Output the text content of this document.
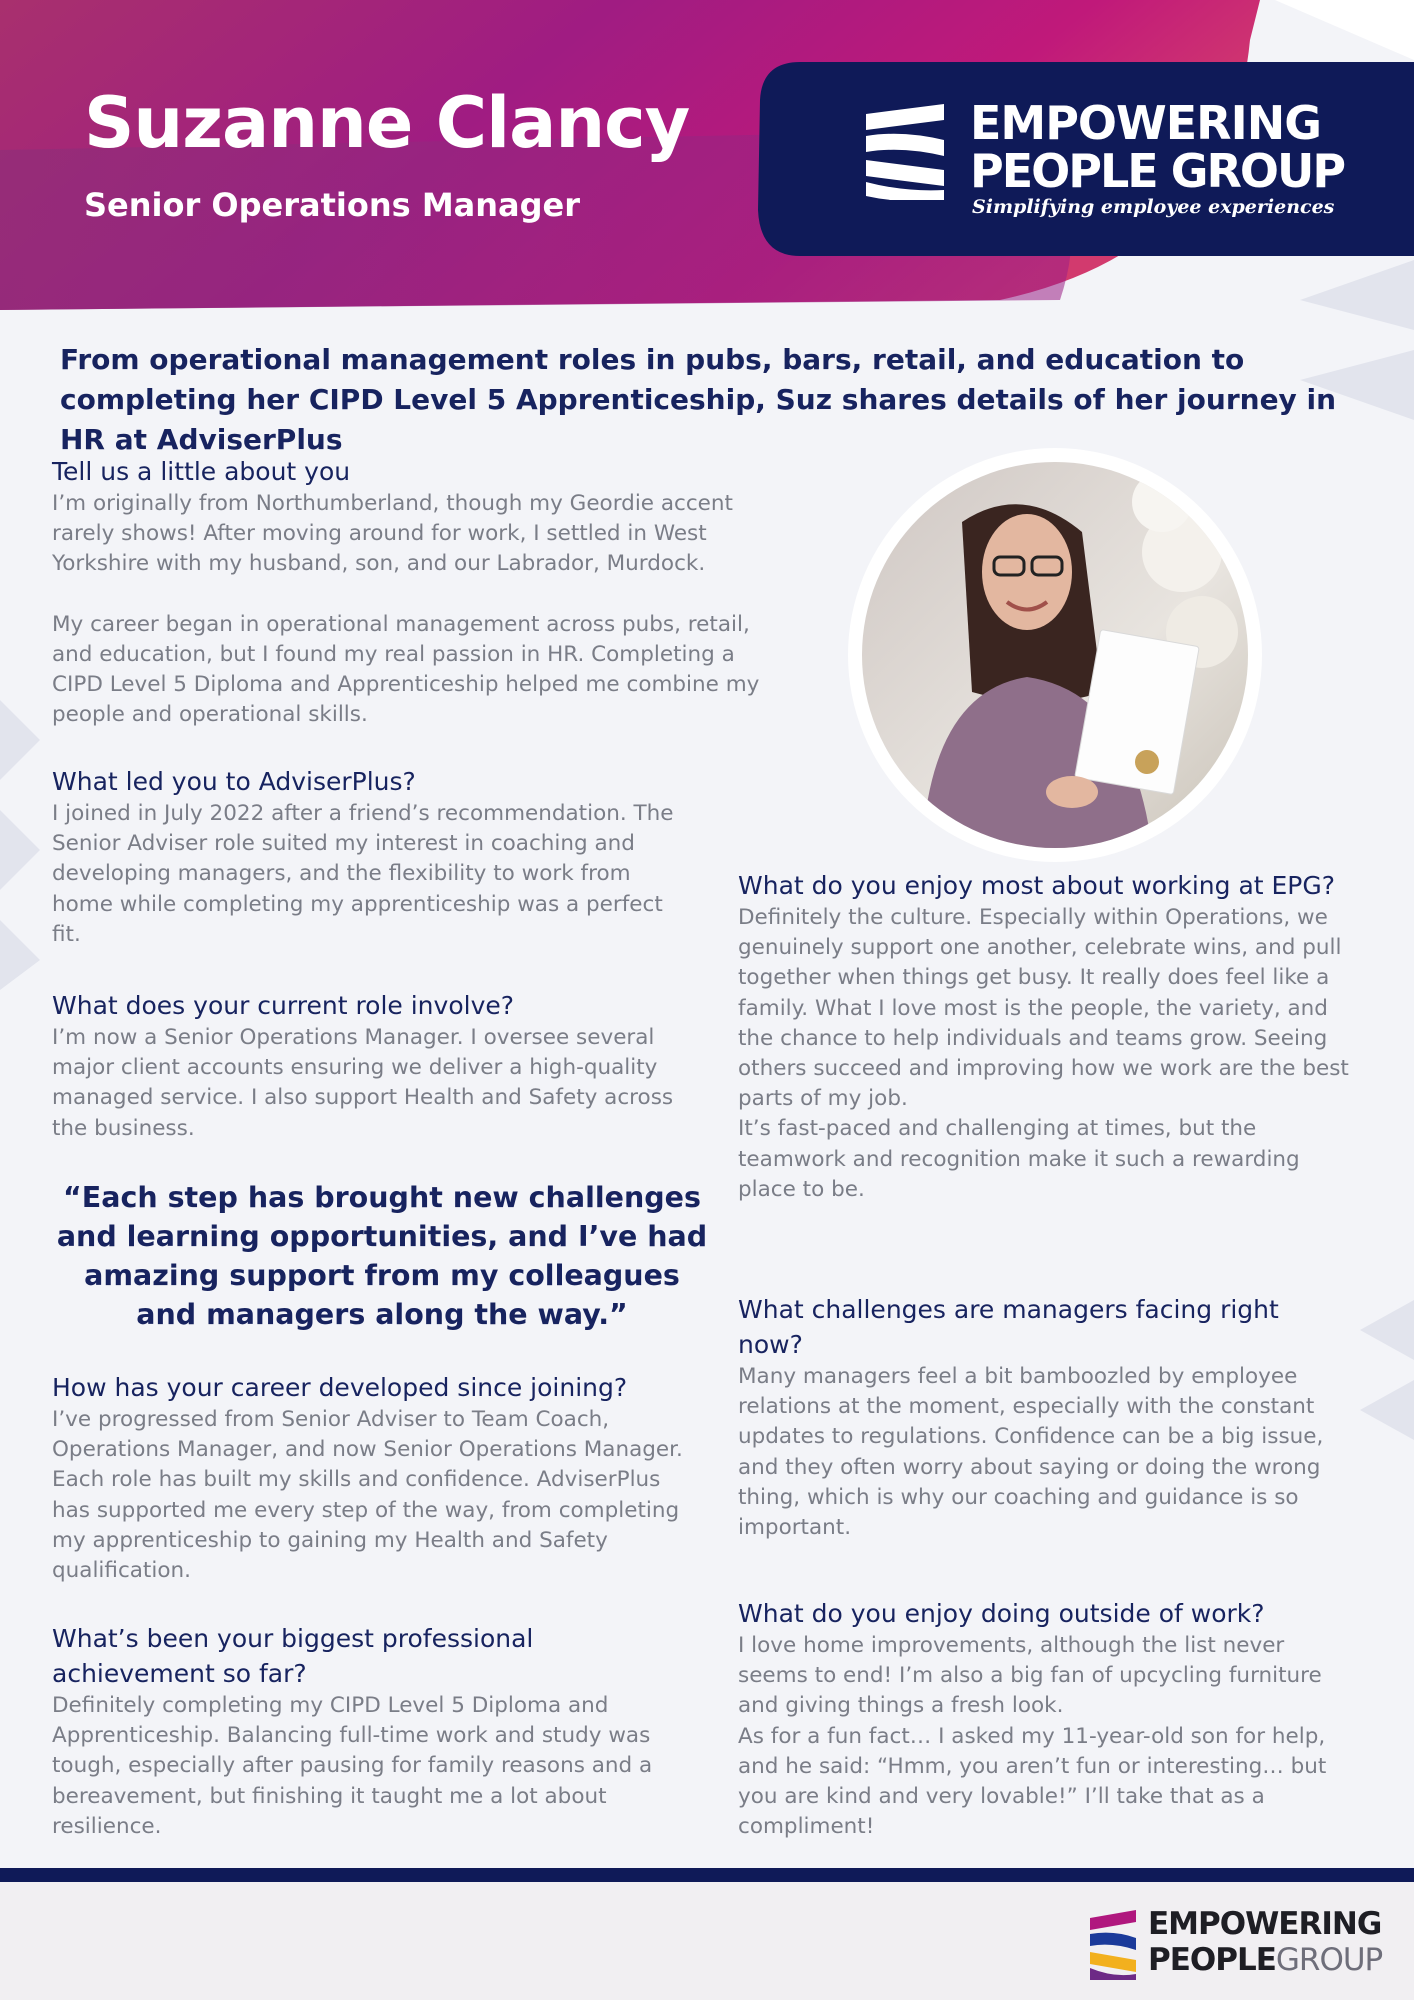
Suzanne Clancy
Senior Operations Manager
EMPOWERING
PEOPLE GROUP
Simplifying employee experiences

From operational management roles in pubs, bars, retail, and education to completing her CIPD Level 5 Apprenticeship, Suz shares details of her journey in HR at AdviserPlus

Tell us a little about you

I’m originally from Northumberland, though my Geordie accent rarely shows! After moving around for work, I settled in West Yorkshire with my husband, son, and our Labrador, Murdock.

My career began in operational management across pubs, retail, and education, but I found my real passion in HR. Completing a CIPD Level 5 Diploma and Apprenticeship helped me combine my people and operational skills.

What led you to AdviserPlus?

I joined in July 2022 after a friend’s recommendation. The Senior Adviser role suited my interest in coaching and developing managers, and the flexibility to work from home while completing my apprenticeship was a perfect fit.

What does your current role involve?

I’m now a Senior Operations Manager. I oversee several major client accounts ensuring we deliver a high-quality managed service. I also support Health and Safety across the business.

“Each step has brought new challenges and learning opportunities, and I’ve had amazing support from my colleagues and managers along the way.”

How has your career developed since joining?

I’ve progressed from Senior Adviser to Team Coach, Operations Manager, and now Senior Operations Manager. Each role has built my skills and confidence. AdviserPlus has supported me every step of the way, from completing my apprenticeship to gaining my Health and Safety qualification.

What’s been your biggest professional achievement so far?

Definitely completing my CIPD Level 5 Diploma and Apprenticeship. Balancing full-time work and study was tough, especially after pausing for family reasons and a bereavement, but finishing it taught me a lot about resilience.

What do you enjoy most about working at EPG?

Definitely the culture. Especially within Operations, we genuinely support one another, celebrate wins, and pull together when things get busy. It really does feel like a family. What I love most is the people, the variety, and the chance to help individuals and teams grow. Seeing others succeed and improving how we work are the best parts of my job.
It’s fast-paced and challenging at times, but the teamwork and recognition make it such a rewarding place to be.

What challenges are managers facing right now?

Many managers feel a bit bamboozled by employee relations at the moment, especially with the constant updates to regulations. Confidence can be a big issue, and they often worry about saying or doing the wrong thing, which is why our coaching and guidance is so important.

What do you enjoy doing outside of work?

I love home improvements, although the list never seems to end! I’m also a big fan of upcycling furniture and giving things a fresh look.
As for a fun fact… I asked my 11-year-old son for help, and he said: “Hmm, you aren’t fun or interesting… but you are kind and very lovable!” I’ll take that as a compliment!

EMPOWERING
PEOPLEGROUP
